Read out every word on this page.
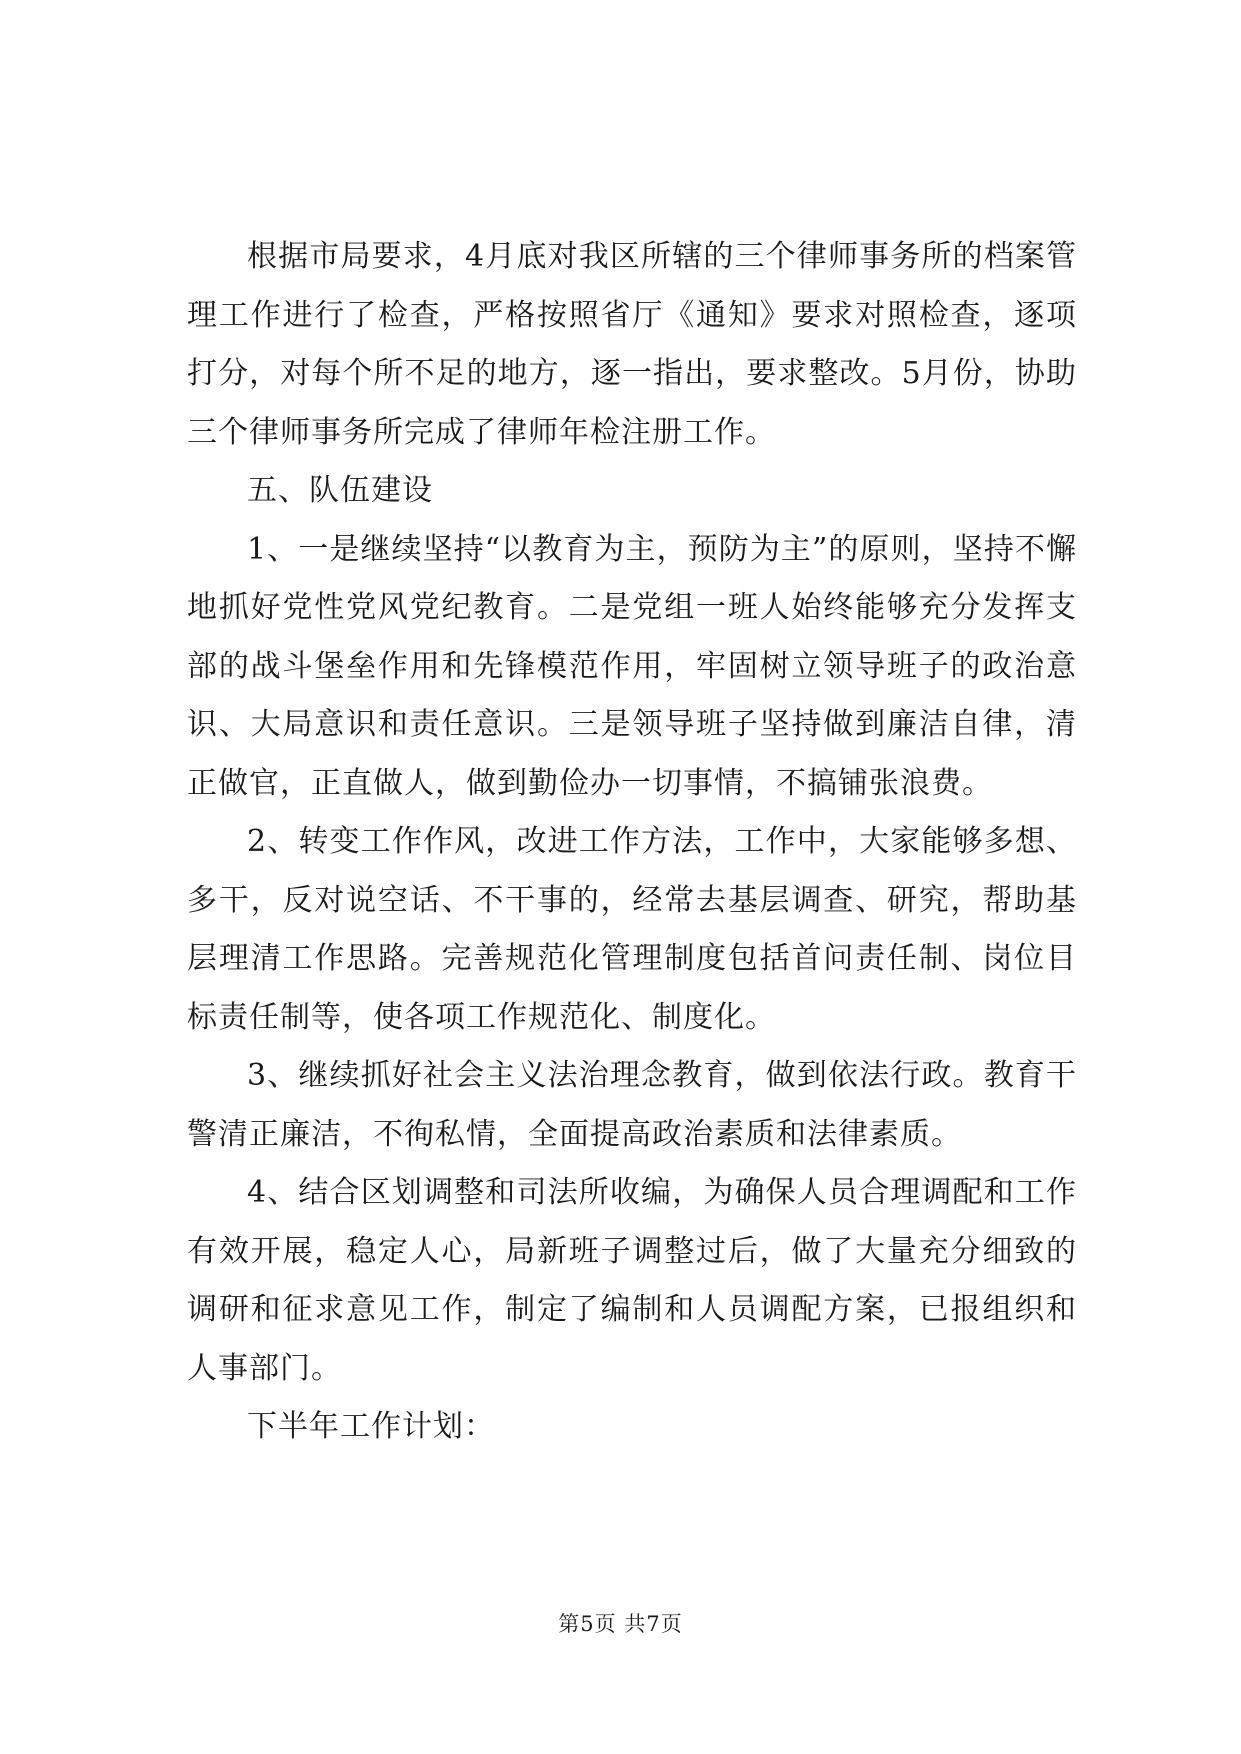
根据市局要求，4月底对我区所辖的三个律师事务所的档案管理工作进行了检查，严格按照省厅《通知》要求对照检查，逐项打分，对每个所不足的地方，逐一指出，要求整改。5月份，协助三个律师事务所完成了律师年检注册工作。

五、队伍建设

1、一是继续坚持“以教育为主，预防为主”的原则，坚持不懈地抓好党性党风党纪教育。二是党组一班人始终能够充分发挥支部的战斗堡垒作用和先锋模范作用，牢固树立领导班子的政治意识、大局意识和责任意识。三是领导班子坚持做到廉洁自律，清正做官，正直做人，做到勤俭办一切事情，不搞铺张浪费。

2、转变工作作风，改进工作方法，工作中，大家能够多想、多干，反对说空话、不干事的，经常去基层调查、研究，帮助基层理清工作思路。完善规范化管理制度包括首问责任制、岗位目标责任制等，使各项工作规范化、制度化。

3、继续抓好社会主义法治理念教育，做到依法行政。教育干警清正廉洁，不徇私情，全面提高政治素质和法律素质。

4、结合区划调整和司法所收编，为确保人员合理调配和工作有效开展，稳定人心，局新班子调整过后，做了大量充分细致的调研和征求意见工作，制定了编制和人员调配方案，已报组织和人事部门。

下半年工作计划：

第5页 共7页
